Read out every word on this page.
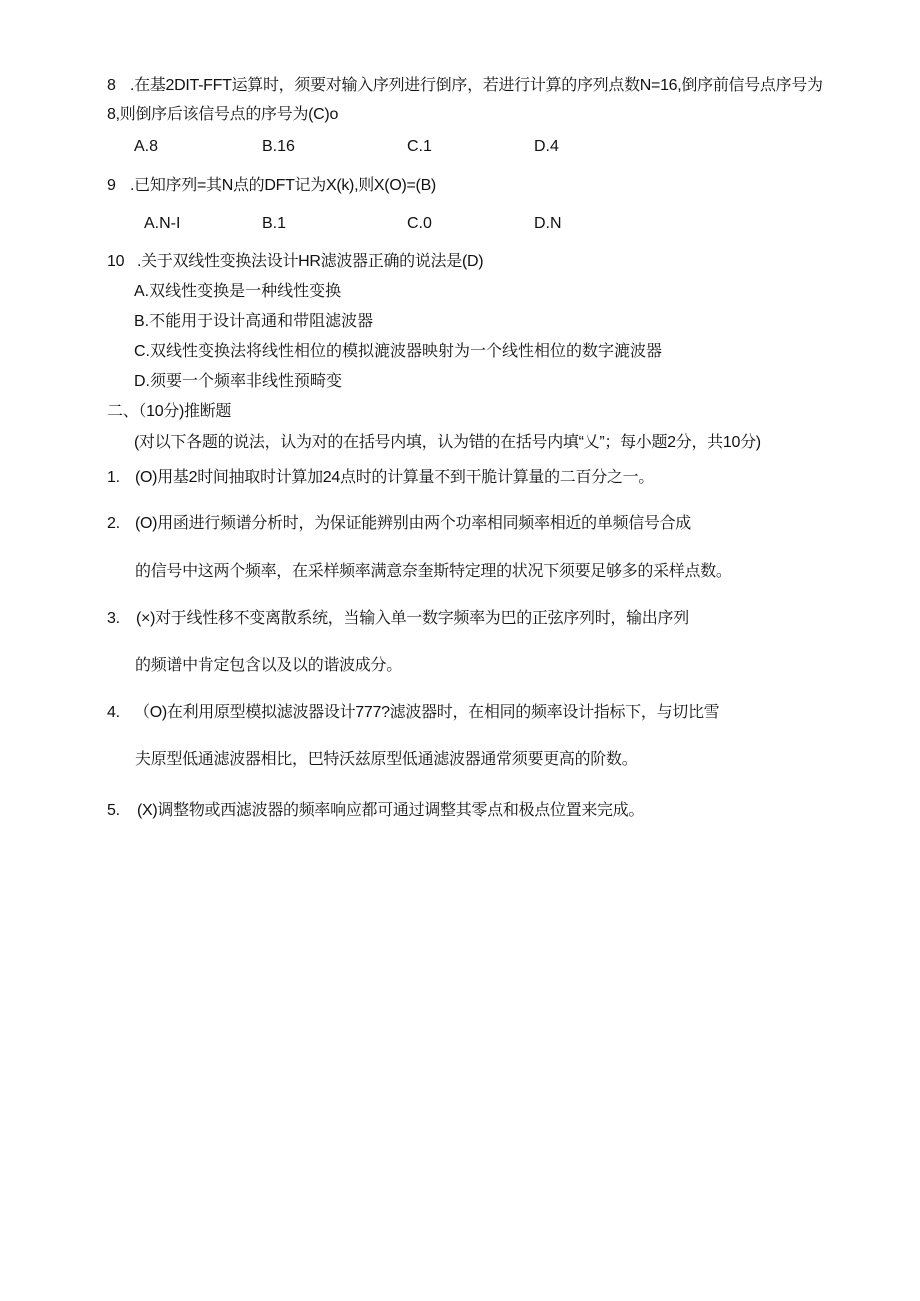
8 .在基2DIT-FFT运算时，须要对输入序列进行倒序，若进行计算的序列点数N=16,倒序前信号点序号为
8,则倒序后该信号点的序号为(C)o
A.8	B.16	C.1	D.4
9 .已知序列=其N点的DFT记为X(k),则X(O)=(B)
A.N-I	B.1	C.0	D.N
10 .关于双线性变换法设计HR滤波器正确的说法是(D)
A.双线性变换是一种线性变换
B.不能用于设计高通和带阻滤波器
C.双线性变换法将线性相位的模拟漉波器映射为一个线性相位的数字漉波器
D.须要一个频率非线性预畸变
二、（10分)推断题
(对以下各题的说法，认为对的在括号内填，认为错的在括号内填“乂”；每小题2分，共10分)
1. (O)用基2时间抽取时计算加24点时的计算量不到干脆计算量的二百分之一。
2. (O)用函进行频谱分析时，为保证能辨别由两个功率相同频率相近的单频信号合成
的信号中这两个频率，在采样频率满意奈奎斯特定理的状况下须要足够多的采样点数。
3. (×)对于线性移不变离散系统，当输入单一数字频率为巴的正弦序列时，输出序列
的频谱中肯定包含以及以的谐波成分。
4. （O)在利用原型模拟滤波器设计777?滤波器时，在相同的频率设计指标下，与切比雪
夫原型低通滤波器相比，巴特沃兹原型低通滤波器通常须要更高的阶数。
5. (X)调整物或西滤波器的频率响应都可通过调整其零点和极点位置来完成。
